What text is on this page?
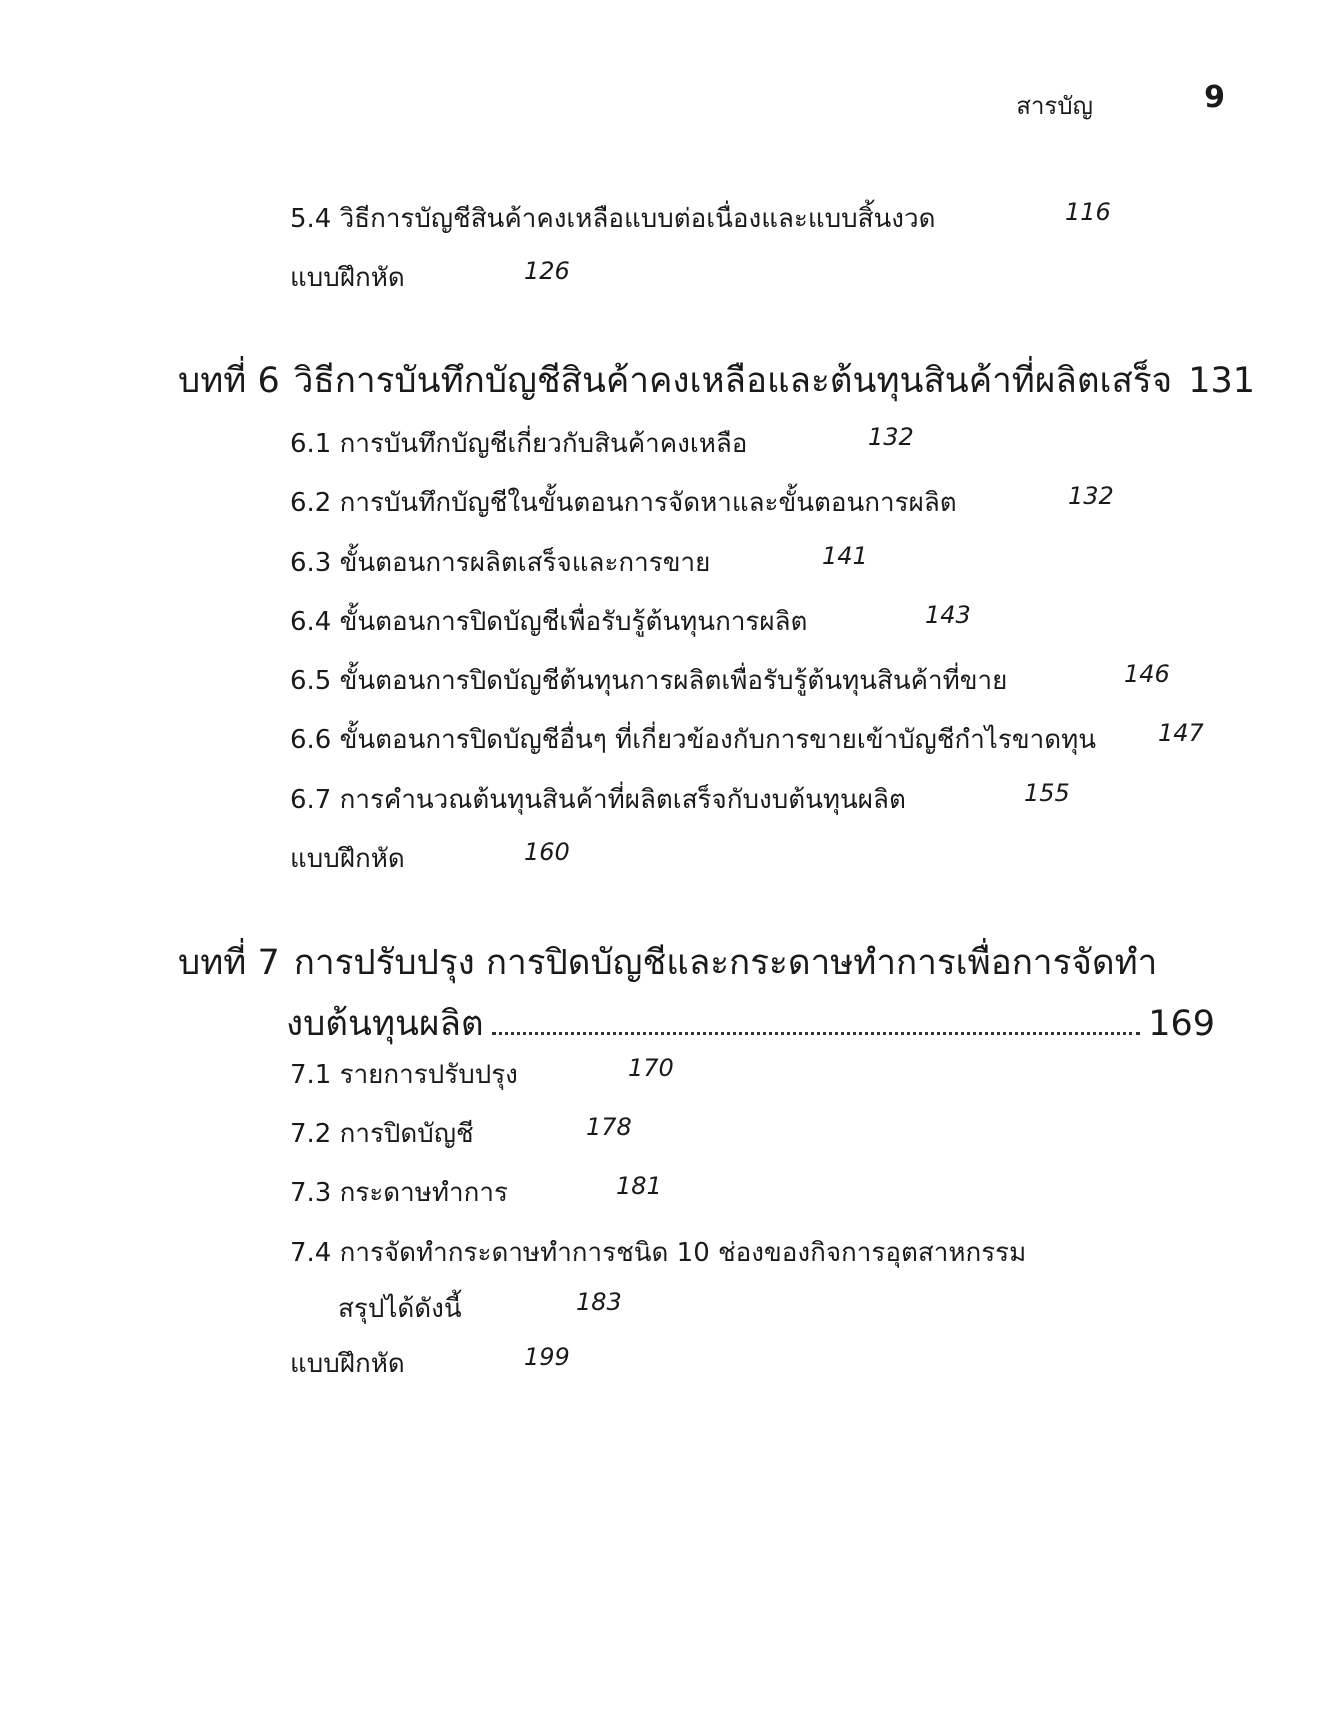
สารบัญ	9
5.4 วิธีการบัญชีสินค้าคงเหลือแบบต่อเนื่องและแบบสิ้นงวด	116
แบบฝึกหัด	126
บทที่ 6 วิธีการบันทึกบัญชีสินค้าคงเหลือและต้นทุนสินค้าที่ผลิตเสร็จ 131
6.1 การบันทึกบัญชีเกี่ยวกับสินค้าคงเหลือ	132
6.2 การบันทึกบัญชีในขั้นตอนการจัดหาและขั้นตอนการผลิต	132
6.3 ขั้นตอนการผลิตเสร็จและการขาย	141
6.4 ขั้นตอนการปิดบัญชีเพื่อรับรู้ต้นทุนการผลิต	143
6.5 ขั้นตอนการปิดบัญชีต้นทุนการผลิตเพื่อรับรู้ต้นทุนสินค้าที่ขาย	146
6.6 ขั้นตอนการปิดบัญชีอื่นๆ ที่เกี่ยวข้องกับการขายเข้าบัญชีกำไรขาดทุน	147
6.7 การคำนวณต้นทุนสินค้าที่ผลิตเสร็จกับงบต้นทุนผลิต	155
แบบฝึกหัด	160
บทที่ 7 การปรับปรุง การปิดบัญชีและกระดาษทำการเพื่อการจัดทำ
งบต้นทุนผลิต	169
7.1 รายการปรับปรุง	170
7.2 การปิดบัญชี	178
7.3 กระดาษทำการ	181
7.4 การจัดทำกระดาษทำการชนิด 10 ช่องของกิจการอุตสาหกรรม
สรุปได้ดังนี้	183
แบบฝึกหัด	199
